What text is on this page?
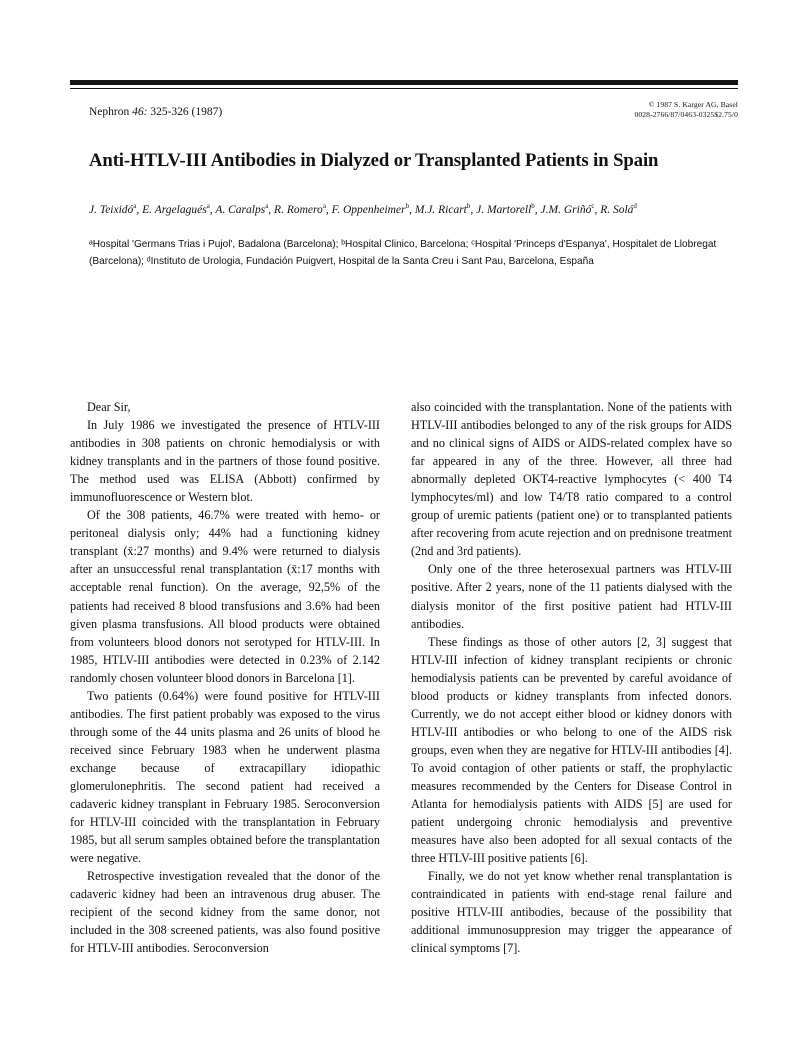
Nephron 46: 325-326 (1987)
© 1987 S. Karger AG, Basel
0028-2766/87/0463-0325$2.75/0
Anti-HTLV-III Antibodies in Dialyzed or Transplanted Patients in Spain
J. Teixidó$^a$, E. Argelagués$^a$, A. Caralps$^a$, R. Romero$^a$, F. Oppenheimer$^b$, M.J. Ricart$^b$, J. Martorell$^b$, J.M. Griñó$^c$, R. Solá$^d$
ᵃHospital 'Germans Trias i Pujol', Badalona (Barcelona); ᵇHospital Clinico, Barcelona; ᶜHospital 'Princeps d'Espanya', Hospitalet de Llobregat (Barcelona); ᵈInstituto de Urologia, Fundación Puigvert, Hospital de la Santa Creu i Sant Pau, Barcelona, España

Dear Sir,

In July 1986 we investigated the presence of HTLV-III antibodies in 308 patients on chronic hemodialysis or with kidney transplants and in the partners of those found positive. The method used was ELISA (Abbott) confirmed by immunofluorescence or Western blot.

Of the 308 patients, 46.7% were treated with hemo- or peritoneal dialysis only; 44% had a functioning kidney transplant (x̄:27 months) and 9.4% were returned to dialysis after an unsuccessful renal transplantation (x̄:17 months with acceptable renal function). On the average, 92,5% of the patients had received 8 blood transfusions and 3.6% had been given plasma transfusions. All blood products were obtained from volunteers blood donors not serotyped for HTLV-III. In 1985, HTLV-III antibodies were detected in 0.23% of 2.142 randomly chosen volunteer blood donors in Barcelona [1].

Two patients (0.64%) were found positive for HTLV-III antibodies. The first patient probably was exposed to the virus through some of the 44 units plasma and 26 units of blood he received since February 1983 when he underwent plasma exchange because of extracapillary idiopathic glomerulonephritis. The second patient had received a cadaveric kidney transplant in February 1985. Seroconversion for HTLV-III coincided with the transplantation in February 1985, but all serum samples obtained before the transplantation were negative.

Retrospective investigation revealed that the donor of the cadaveric kidney had been an intravenous drug abuser. The recipient of the second kidney from the same donor, not included in the 308 screened patients, was also found positive for HTLV-III antibodies. Seroconversion

also coincided with the transplantation. None of the patients with HTLV-III antibodies belonged to any of the risk groups for AIDS and no clinical signs of AIDS or AIDS-related complex have so far appeared in any of the three. However, all three had abnormally depleted OKT4-reactive lymphocytes (< 400 T4 lymphocytes/ml) and low T4/T8 ratio compared to a control group of uremic patients (patient one) or to transplanted patients after recovering from acute rejection and on prednisone treatment (2nd and 3rd patients).

Only one of the three heterosexual partners was HTLV-III positive. After 2 years, none of the 11 patients dialysed with the dialysis monitor of the first positive patient had HTLV-III antibodies.

These findings as those of other autors [2, 3] suggest that HTLV-III infection of kidney transplant recipients or chronic hemodialysis patients can be prevented by careful avoidance of blood products or kidney transplants from infected donors. Currently, we do not accept either blood or kidney donors with HTLV-III antibodies or who belong to one of the AIDS risk groups, even when they are negative for HTLV-III antibodies [4]. To avoid contagion of other patients or staff, the prophylactic measures recommended by the Centers for Disease Control in Atlanta for hemodialysis patients with AIDS [5] are used for patient undergoing chronic hemodialysis and preventive measures have also been adopted for all sexual contacts of the three HTLV-III positive patients [6].

Finally, we do not yet know whether renal transplantation is contraindicated in patients with end-stage renal failure and positive HTLV-III antibodies, because of the possibility that additional immunosuppresion may trigger the appearance of clinical symptoms [7].
